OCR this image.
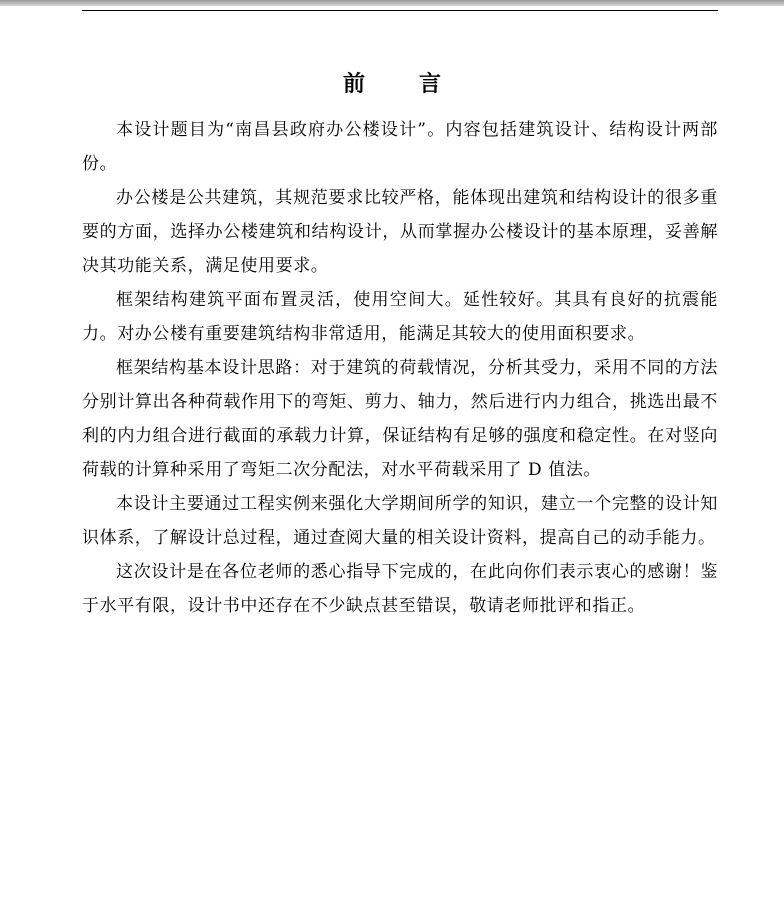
前言

本设计题目为“南昌县政府办公楼设计”。内容包括建筑设计、结构设计两部份。

办公楼是公共建筑，其规范要求比较严格，能体现出建筑和结构设计的很多重要的方面，选择办公楼建筑和结构设计，从而掌握办公楼设计的基本原理，妥善解决其功能关系，满足使用要求。

框架结构建筑平面布置灵活，使用空间大。延性较好。其具有良好的抗震能力。对办公楼有重要建筑结构非常适用，能满足其较大的使用面积要求。

框架结构基本设计思路：对于建筑的荷载情况，分析其受力，采用不同的方法分别计算出各种荷载作用下的弯矩、剪力、轴力，然后进行内力组合，挑选出最不利的内力组合进行截面的承载力计算，保证结构有足够的强度和稳定性。在对竖向荷载的计算种采用了弯矩二次分配法，对水平荷载采用了 D 值法。

本设计主要通过工程实例来强化大学期间所学的知识，建立一个完整的设计知识体系，了解设计总过程，通过查阅大量的相关设计资料，提高自己的动手能力。

这次设计是在各位老师的悉心指导下完成的，在此向你们表示衷心的感谢！鉴于水平有限，设计书中还存在不少缺点甚至错误，敬请老师批评和指正。
